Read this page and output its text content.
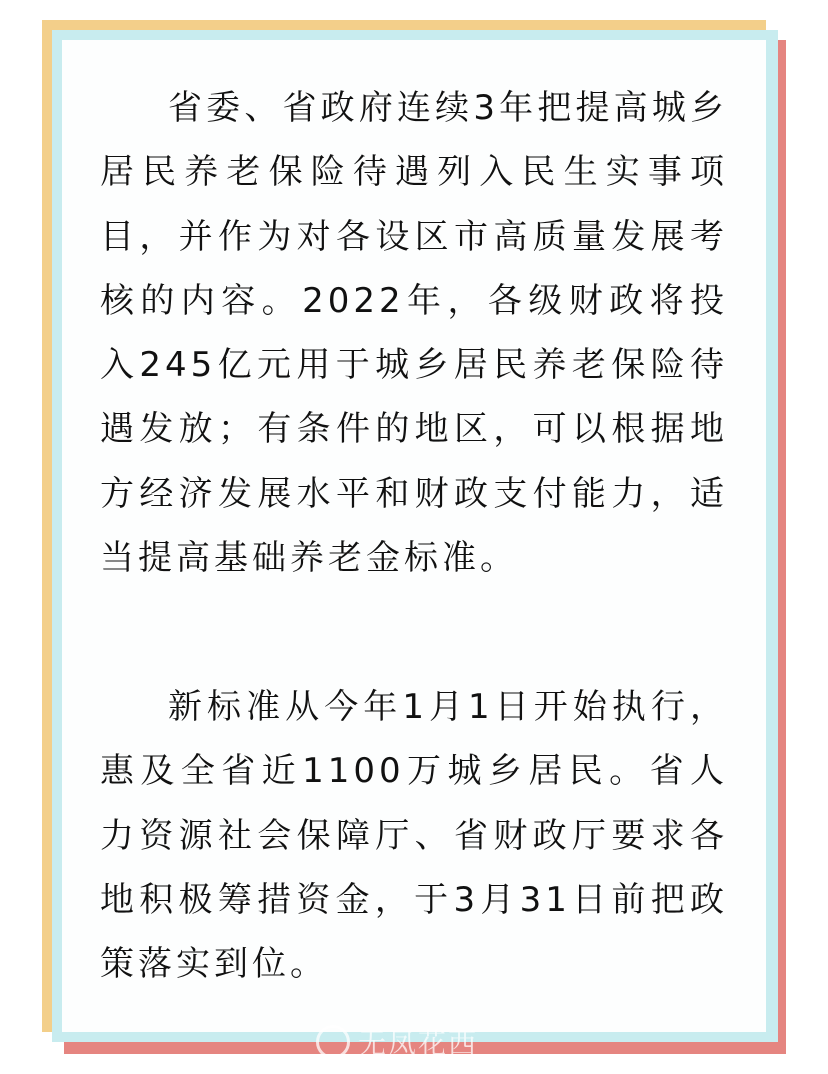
省委、省政府连续3年把提高城乡居民养老保险待遇列入民生实事项目，并作为对各设区市高质量发展考核的内容。2022年，各级财政将投入245亿元用于城乡居民养老保险待遇发放；有条件的地区，可以根据地方经济发展水平和财政支付能力，适当提高基础养老金标准。

新标准从今年1月1日开始执行，惠及全省近1100万城乡居民。省人力资源社会保障厅、省财政厅要求各地积极筹措资金，于3月31日前把政策落实到位。

无凤花西
